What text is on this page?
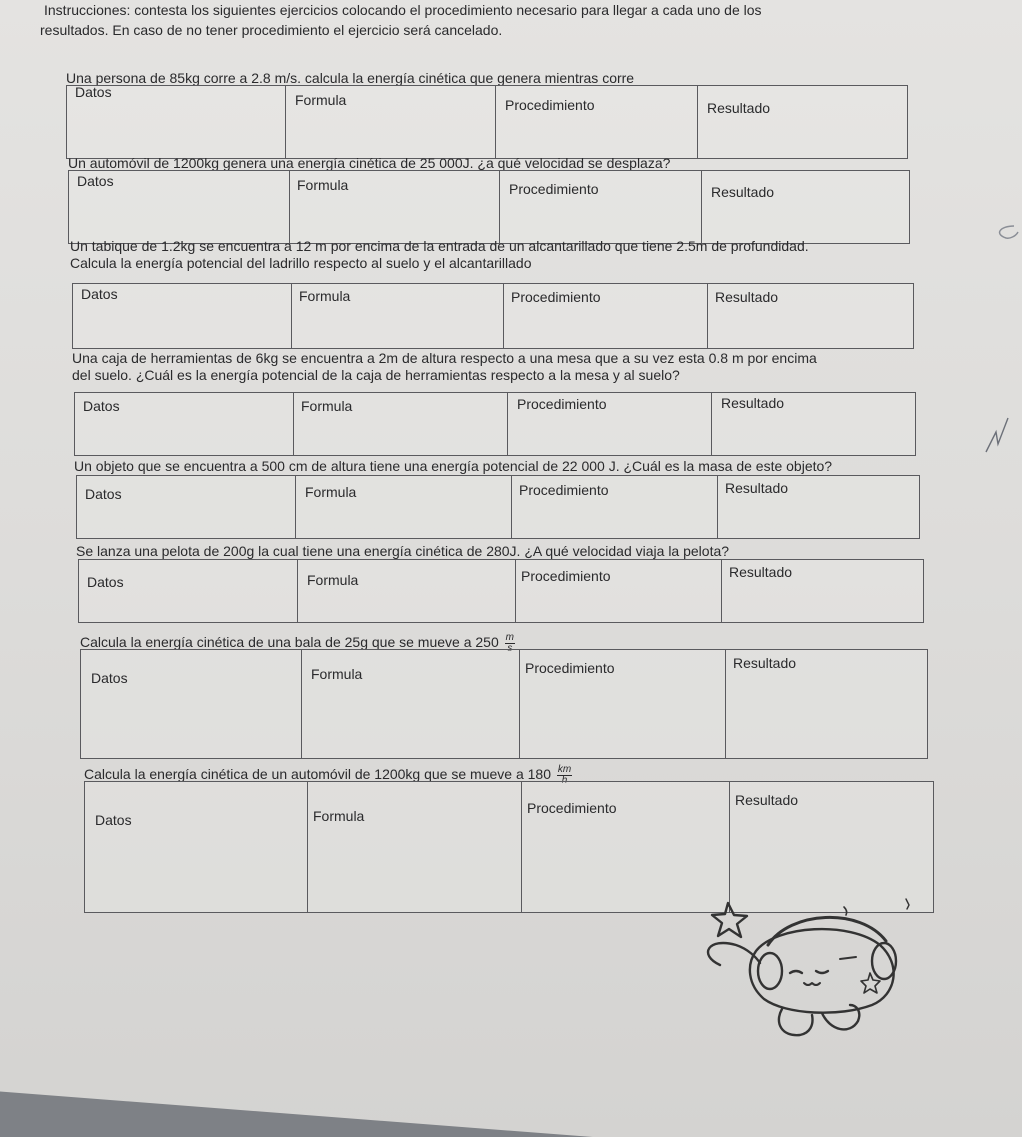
Instrucciones: contesta los siguientes ejercicios colocando el procedimiento necesario para llegar a cada uno de los
resultados. En caso de no tener procedimiento el ejercicio será cancelado.
Una persona de 85kg corre a 2.8 m/s. calcula la energía cinética que genera mientras corre
Datos	Formula	Procedimiento	Resultado
Un automóvil de 1200kg genera una energía cinética de 25 000J. ¿a qué velocidad se desplaza?
Datos	Formula	Procedimiento	Resultado
Un tabique de 1.2kg se encuentra a 12 m por encima de la entrada de un alcantarillado que tiene 2.5m de profundidad.
Calcula la energía potencial del ladrillo respecto al suelo y el alcantarillado
Datos	Formula	Procedimiento	Resultado
Una caja de herramientas de 6kg se encuentra a 2m de altura respecto a una mesa que a su vez esta 0.8 m por encima
del suelo. ¿Cuál es la energía potencial de la caja de herramientas respecto a la mesa y al suelo?
Datos	Formula	Procedimiento	Resultado
Un objeto que se encuentra a 500 cm de altura tiene una energía potencial de 22 000 J. ¿Cuál es la masa de este objeto?
Datos	Formula	Procedimiento	Resultado
Se lanza una pelota de 200g la cual tiene una energía cinética de 280J. ¿A qué velocidad viaja la pelota?
Datos	Formula	Procedimiento	Resultado
Calcula la energía cinética de una bala de 25g que se mueve a $250 \frac{m}{s}$
Datos	Formula	Procedimiento	Resultado
Calcula la energía cinética de un automóvil de 1200kg que se mueve a $180 \frac{km}{h}$
Datos	Formula	Procedimiento	Resultado
